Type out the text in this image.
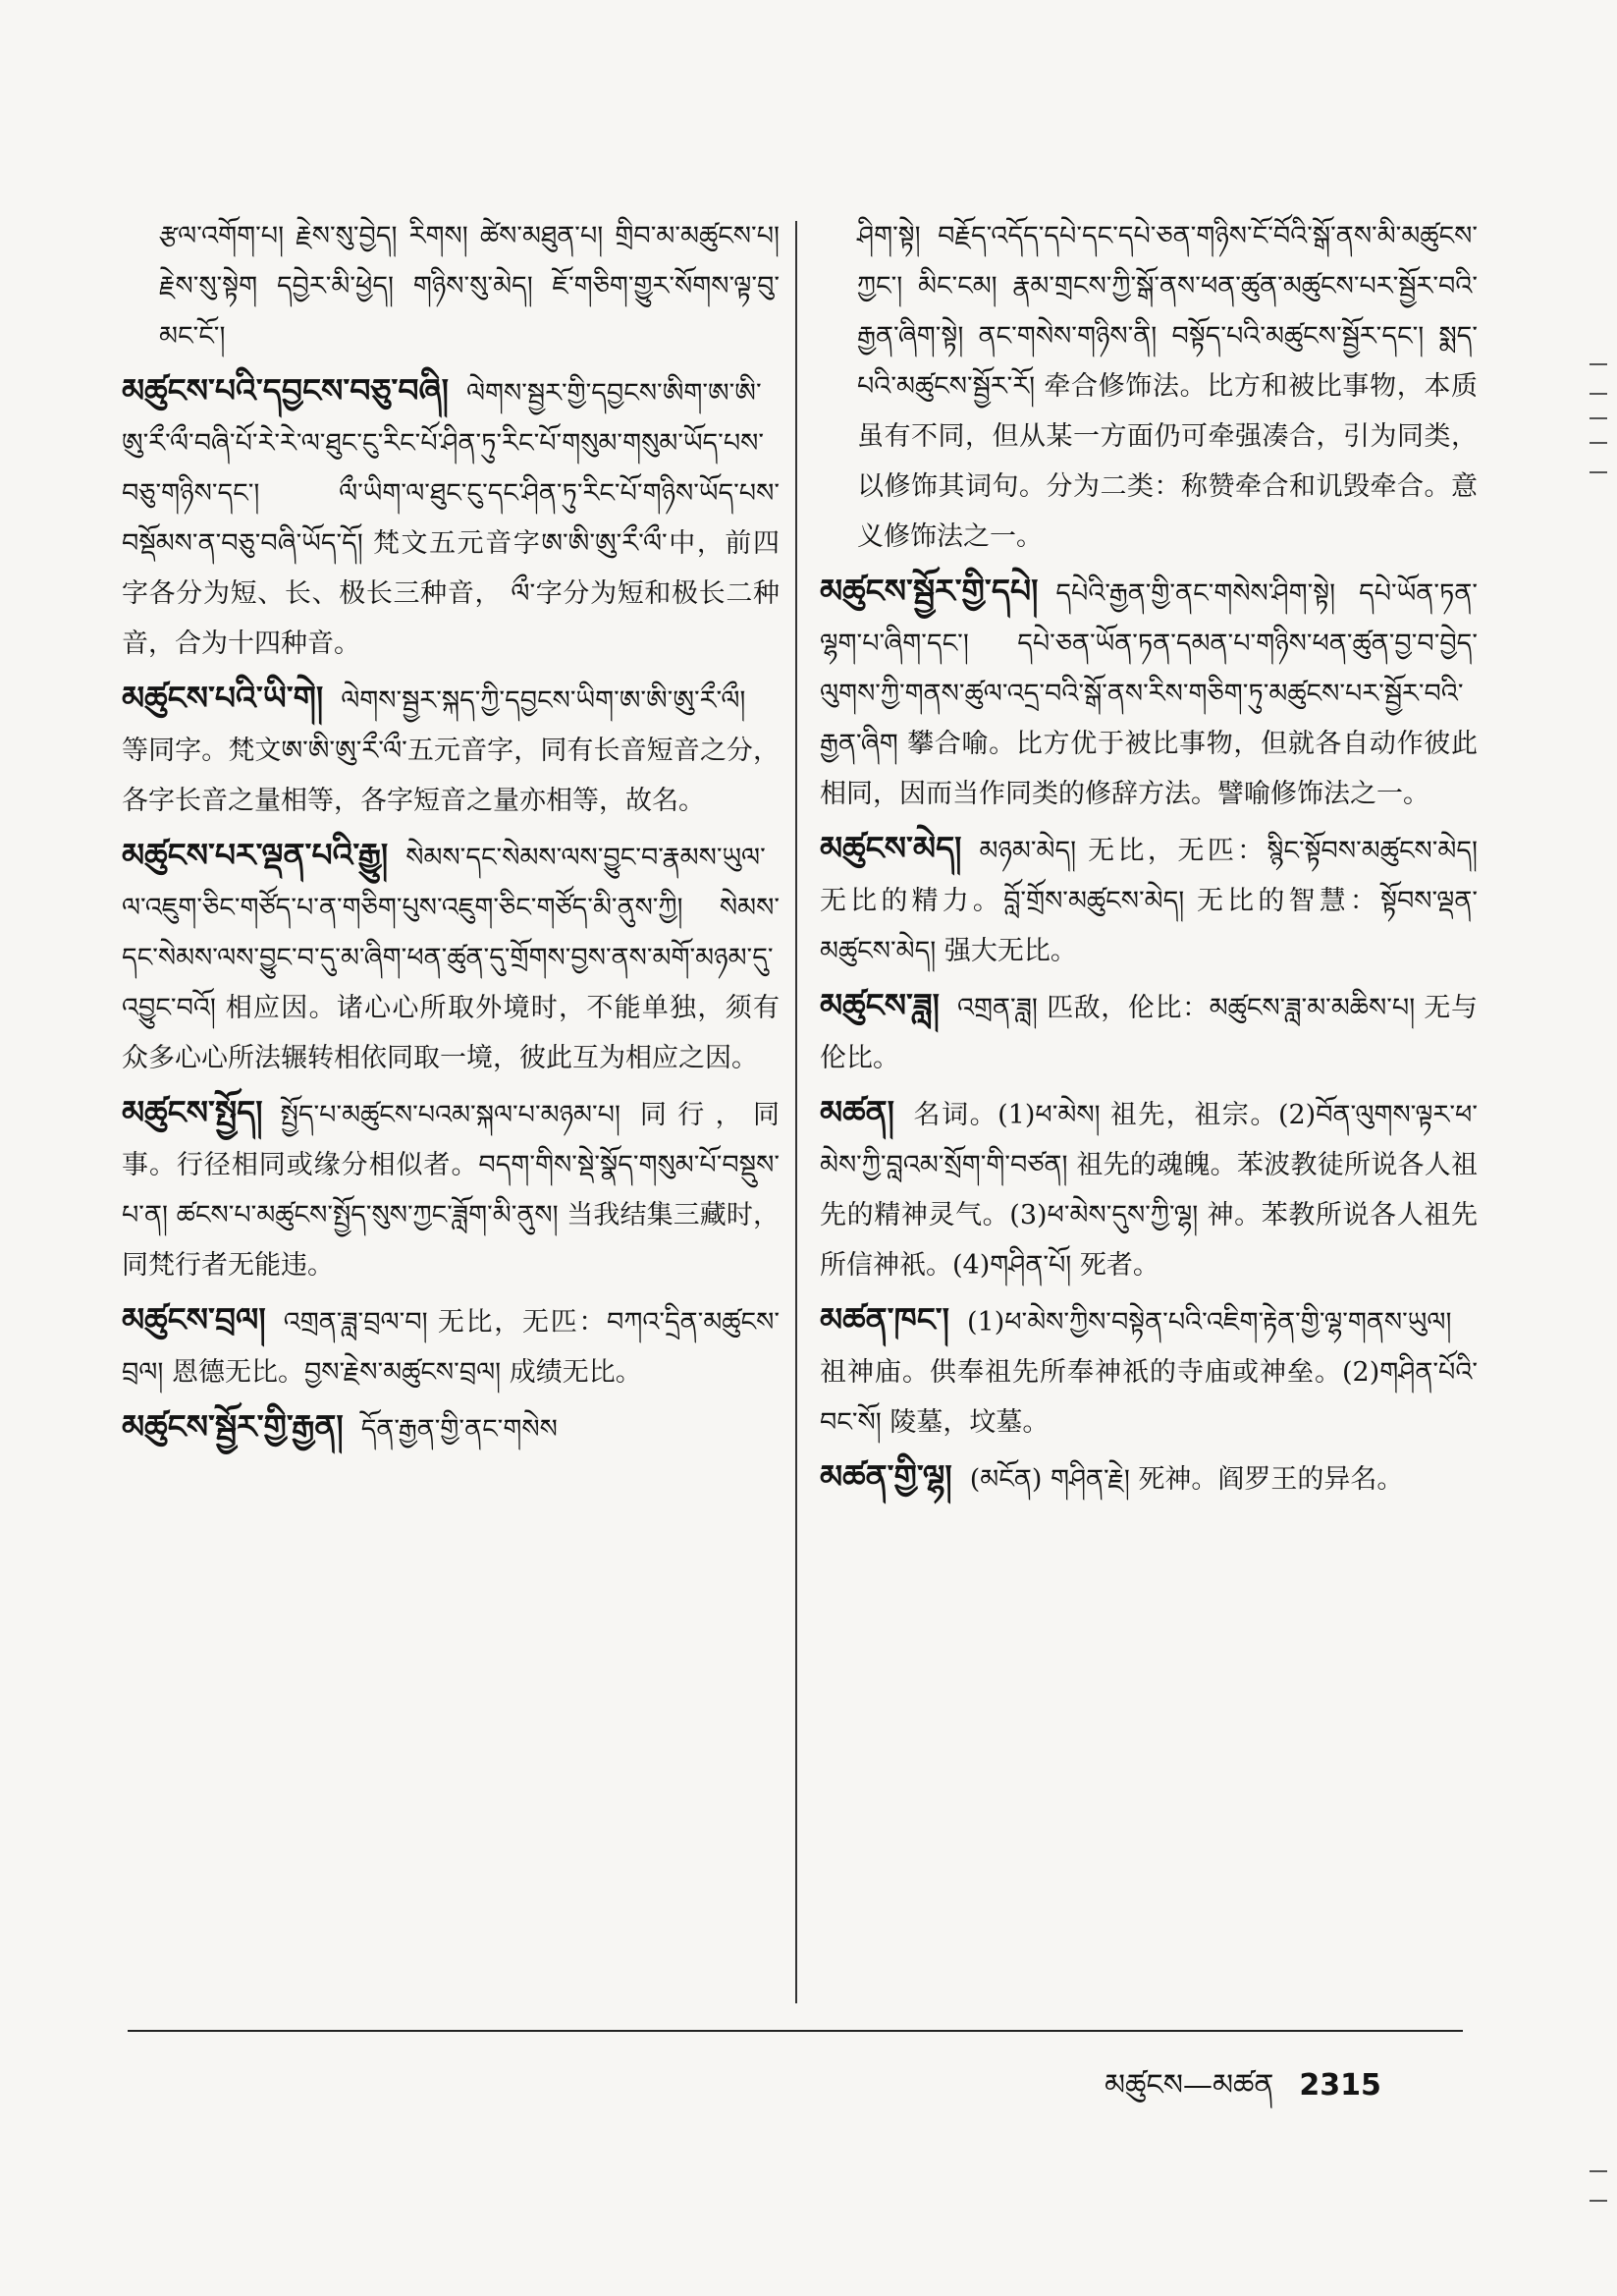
རྩལ་འགོག་པ། རྗེས་སུ་བྱེད། རིགས། ཚེས་མཐུན་པ། གྲིབ་མ་མཚུངས་པ། རྗེས་སུ་སྟེག དབྱེར་མི་ཕྱེད། གཉིས་སུ་མེད། ཇོ་གཅིག་གྱུར་སོགས་ལྟ་བུ་མང་ངོ་།

མཚུངས་པའི་དབྱངས་བཅུ་བཞི། ལེགས་སྦྱར་གྱི་དབྱངས་ཨིག་ཨ་ཨི་ཨུ་ཪྀ་ལྀ་བཞི་པོ་རེ་རེ་ལ་ཐུང་ངུ་རིང་པོ་ཤིན་ཏུ་རིང་པོ་གསུམ་གསུམ་ཡོད་པས་བཅུ་གཉིས་དང་། ལྀ་ཡིག་ལ་ཐུང་ངུ་དང་ཤིན་ཏུ་རིང་པོ་གཉིས་ཡོད་པས་བསྡོམས་ན་བཅུ་བཞི་ཡོད་དོ། 梵文五元音字ཨ་ཨི་ཨུ་ཪྀ་ལྀ་中，前四字各分为短、长、极长三种音， ལྀ་字分为短和极长二种音，合为十四种音。

མཚུངས་པའི་ཡི་གེ། ལེགས་སྦྱར་སྐད་ཀྱི་དབྱངས་ཡིག་ཨ་ཨི་ཨུ་ཪྀ་ལྀ། 等同字。梵文ཨ་ཨི་ཨུ་ཪྀ་ལྀ་五元音字，同有长音短音之分，各字长音之量相等，各字短音之量亦相等，故名。

མཚུངས་པར་ལྡན་པའི་རྒྱུ། སེམས་དང་སེམས་ལས་བྱུང་བ་རྣམས་ཡུལ་ལ་འཇུག་ཅིང་གཙོད་པ་ན་གཅིག་པུས་འཇུག་ཅིང་གཙོད་མི་ནུས་ཀྱི། སེམས་དང་སེམས་ལས་བྱུང་བ་དུ་མ་ཞིག་ཕན་ཚུན་དུ་གྲོགས་བྱས་ནས་མགོ་མཉམ་དུ་འབྱུང་བའོ། 相应因。诸心心所取外境时，不能单独，须有众多心心所法辗转相依同取一境，彼此互为相应之因。

མཚུངས་སྤྱོད། སྤྱོད་པ་མཚུངས་པའམ་སྐལ་པ་མཉམ་པ། 同行，同事。行径相同或缘分相似者。བདག་གིས་སྡེ་སྣོད་གསུམ་པོ་བསྡུས་པ་ན། ཚངས་པ་མཚུངས་སྤྱོད་སུས་ཀྱང་ཟློག་མི་ནུས། 当我结集三藏时，同梵行者无能违。

མཚུངས་བྲལ། འགྲན་ཟླ་བྲལ་བ། 无比，无匹：བཀའ་དྲིན་མཚུངས་བྲལ། 恩德无比。བྱས་རྗེས་མཚུངས་བྲལ། 成绩无比。

མཚུངས་སྦྱོར་གྱི་རྒྱན། དོན་རྒྱན་གྱི་ནང་གསེས

ཤིག་སྟེ། བརྗོད་འདོད་དཔེ་དང་དཔེ་ཅན་གཉིས་ངོ་བོའི་སྒོ་ནས་མི་མཚུངས་ཀྱང་། མིང་ངམ། རྣམ་གྲངས་ཀྱི་སྒོ་ནས་ཕན་ཚུན་མཚུངས་པར་སྦྱོར་བའི་རྒྱན་ཞིག་སྟེ། ནང་གསེས་གཉིས་ནི། བསྟོད་པའི་མཚུངས་སྦྱོར་དང་། སྨད་པའི་མཚུངས་སྦྱོར་རོ། 牵合修饰法。比方和被比事物，本质虽有不同，但从某一方面仍可牵强凑合，引为同类，以修饰其词句。分为二类：称赞牵合和讥毁牵合。意义修饰法之一。

མཚུངས་སྦྱོར་གྱི་དཔེ། དཔེའི་རྒྱན་གྱི་ནང་གསེས་ཤིག་སྟེ། དཔེ་ཡོན་ཏན་ལྷག་པ་ཞིག་དང་། དཔེ་ཅན་ཡོན་ཏན་དམན་པ་གཉིས་ཕན་ཚུན་བྱ་བ་བྱེད་ལུགས་ཀྱི་གནས་ཚུལ་འདྲ་བའི་སྒོ་ནས་རིས་གཅིག་ཏུ་མཚུངས་པར་སྦྱོར་བའི་རྒྱན་ཞིག 攀合喻。比方优于被比事物，但就各自动作彼此相同，因而当作同类的修辞方法。譬喻修饰法之一。

མཚུངས་མེད། མཉམ་མེད། 无比，无匹：སྙིང་སྟོབས་མཚུངས་མེད། 无比的精力。བློ་གྲོས་མཚུངས་མེད། 无比的智慧：སྟོབས་ལྡན་མཚུངས་མེད། 强大无比。

མཚུངས་ཟླ། འགྲན་ཟླ། 匹敌，伦比：མཚུངས་ཟླ་མ་མཆིས་པ། 无与伦比。

མཚན། 名词。(1)ཕ་མེས། 祖先，祖宗。(2)བོན་ལུགས་ལྟར་ཕ་མེས་ཀྱི་བླའམ་སྲོག་གི་བཙན། 祖先的魂魄。苯波教徒所说各人祖先的精神灵气。(3)ཕ་མེས་དུས་ཀྱི་ལྷ། 神。苯教所说各人祖先所信神祇。(4)གཤིན་པོ། 死者。

མཚན་ཁང་། (1)ཕ་མེས་ཀྱིས་བསྟེན་པའི་འཇིག་རྟེན་གྱི་ལྷ་གནས་ཡུལ། 祖神庙。供奉祖先所奉神祇的寺庙或神垒。(2)གཤིན་པོའི་བང་སོ། 陵墓，坟墓。

མཚན་གྱི་ལྷ། (མངོན) གཤིན་རྗེ། 死神。阎罗王的异名。

མཚུངས—མཚན 2315
